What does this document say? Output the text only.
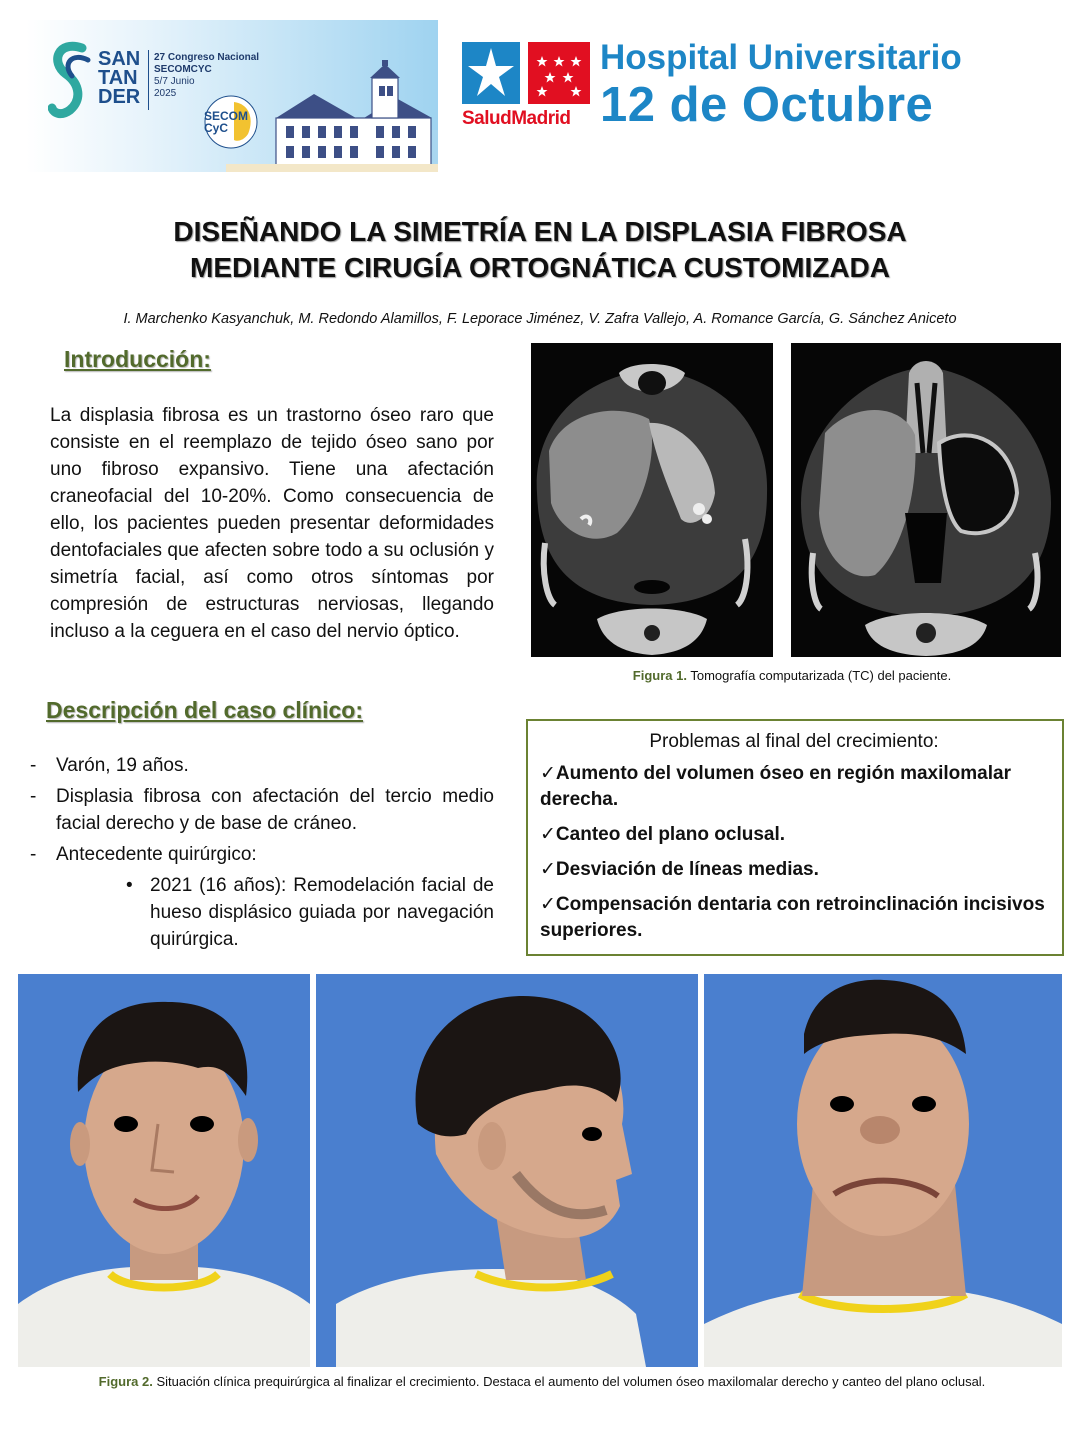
SAN
TAN
DER
27 Congreso Nacional
SECOMCYC
5/7 Junio
2025
SECOM
CyC	SaludMadrid
Hospital Universitario
12 de Octubre
DISEÑANDO LA SIMETRÍA EN LA DISPLASIA FIBROSA
MEDIANTE CIRUGÍA ORTOGNÁTICA CUSTOMIZADA
I. Marchenko Kasyanchuk, M. Redondo Alamillos, F. Leporace Jiménez, V. Zafra Vallejo, A. Romance García, G. Sánchez Aniceto
Introducción:
La displasia fibrosa es un trastorno óseo raro que consiste en el reemplazo de tejido óseo sano por uno fibroso expansivo. Tiene una afectación craneofacial del 10-20%. Como consecuencia de ello, los pacientes pueden presentar deformidades dentofaciales que afecten sobre todo a su oclusión y simetría facial, así como otros síntomas por compresión de estructuras nerviosas, llegando incluso a la ceguera en el caso del nervio óptico.
Descripción del caso clínico:
- Varón, 19 años.
- Displasia fibrosa con afectación del tercio medio facial derecho y de base de cráneo.
- Antecedente quirúrgico:
• 2021 (16 años): Remodelación facial de hueso displásico guiada por navegación quirúrgica.
Figura 1. Tomografía computarizada (TC) del paciente.
Problemas al final del crecimiento:
✓Aumento del volumen óseo en región maxilomalar derecha.
✓Canteo del plano oclusal.
✓Desviación de líneas medias.
✓Compensación dentaria con retroinclinación incisivos superiores.
Figura 2. Situación clínica prequirúrgica al finalizar el crecimiento. Destaca el aumento del volumen óseo maxilomalar derecho y canteo del plano oclusal.
